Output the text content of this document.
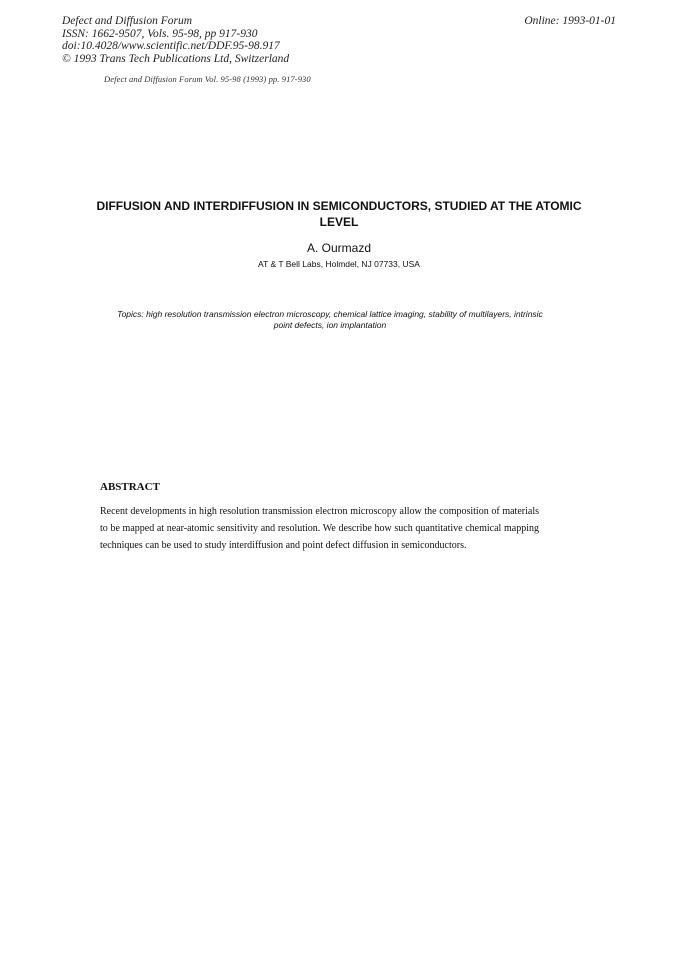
Defect and Diffusion Forum
ISSN: 1662-9507, Vols. 95-98, pp 917-930
doi:10.4028/www.scientific.net/DDF.95-98.917
© 1993 Trans Tech Publications Ltd, Switzerland
Online: 1993-01-01
Defect and Diffusion Forum Vol. 95-98 (1993) pp. 917-930
DIFFUSION AND INTERDIFFUSION IN SEMICONDUCTORS, STUDIED AT THE ATOMIC LEVEL
A. Ourmazd
AT & T Bell Labs, Holmdel, NJ 07733, USA
Topics: high resolution transmission electron microscopy, chemical lattice imaging, stability of multilayers, intrinsic point defects, ion implantation
ABSTRACT

Recent developments in high resolution transmission electron microscopy allow the composition of materials to be mapped at near-atomic sensitivity and resolution. We describe how such quantitative chemical mapping techniques can be used to study interdiffusion and point defect diffusion in semiconductors.
